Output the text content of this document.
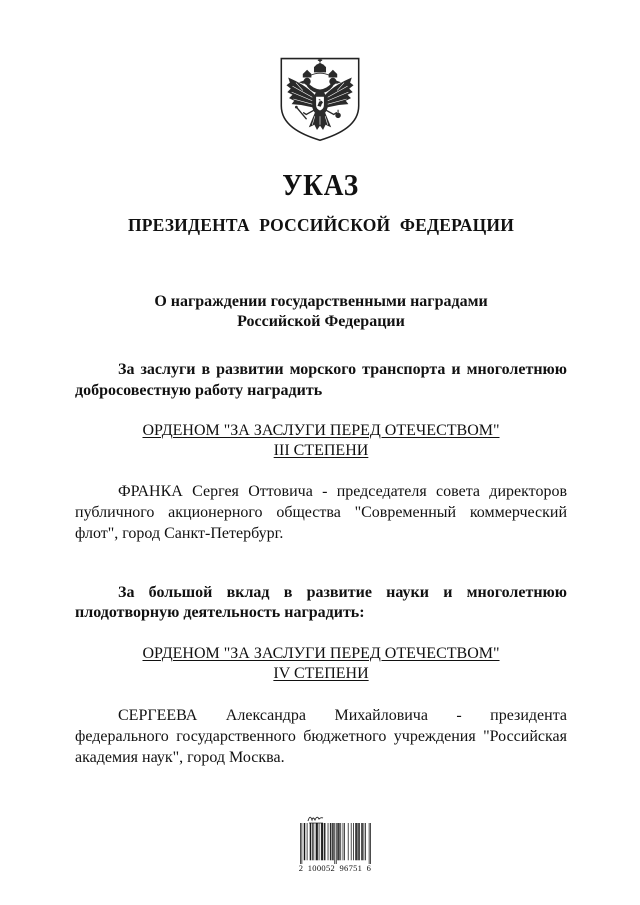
УКАЗ
ПРЕЗИДЕНТА РОССИЙСКОЙ ФЕДЕРАЦИИ
О награждении государственными наградами
Российской Федерации
За заслуги в развитии морского транспорта и многолетнюю
добросовестную работу наградить
ОРДЕНОМ "ЗА ЗАСЛУГИ ПЕРЕД ОТЕЧЕСТВОМ"
III СТЕПЕНИ
ФРАНКА Сергея Оттовича - председателя совета директоров
публичного акционерного общества "Современный коммерческий
флот", город Санкт-Петербург.
За большой вклад в развитие науки и многолетнюю
плодотворную деятельность наградить:
ОРДЕНОМ "ЗА ЗАСЛУГИ ПЕРЕД ОТЕЧЕСТВОМ"
IV СТЕПЕНИ
СЕРГЕЕВА Александра Михайловича - президента
федерального государственного бюджетного учреждения "Российская
академия наук", город Москва.
2 100052 96751 6
